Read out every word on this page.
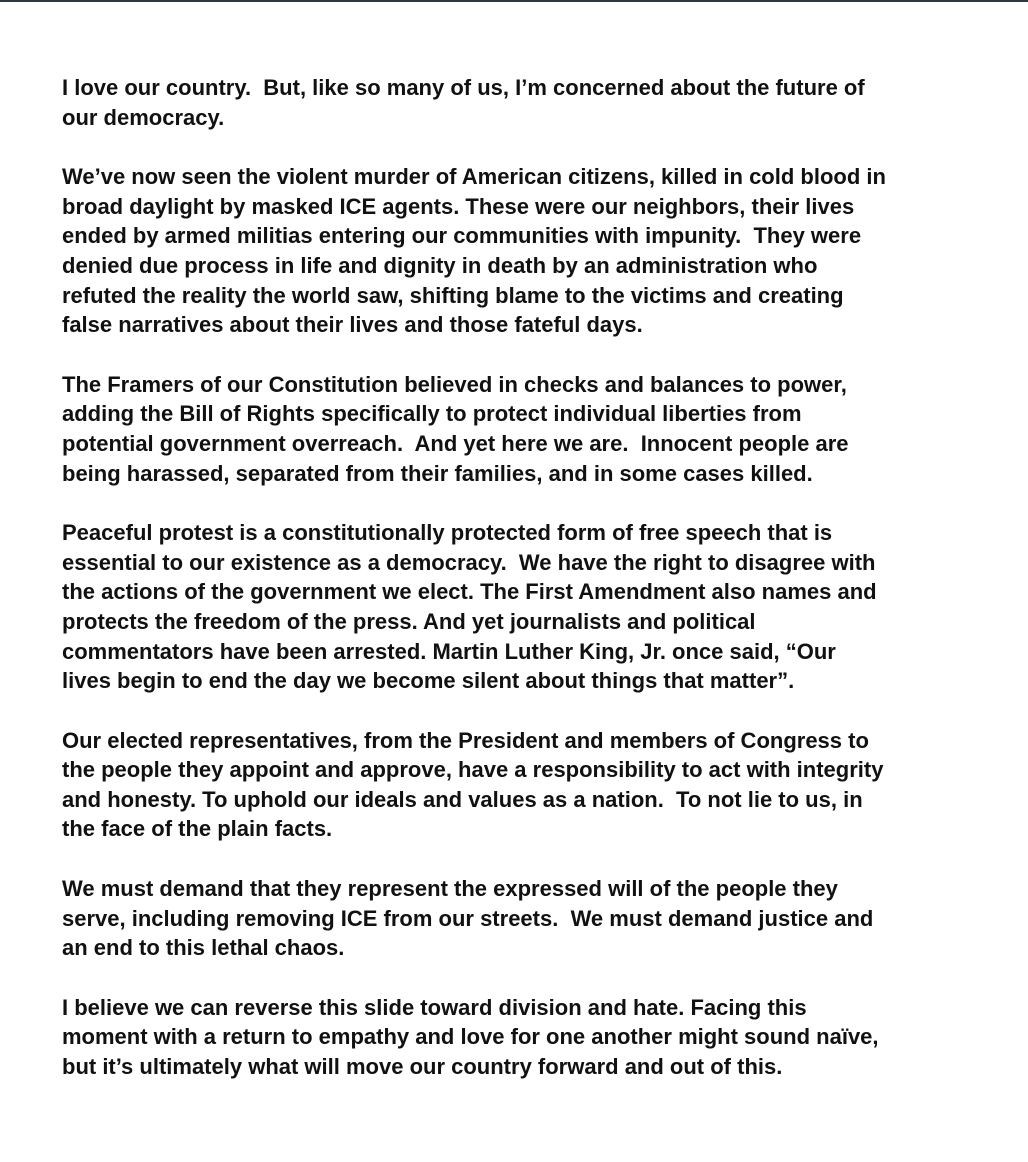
I love our country.  But, like so many of us, I’m concerned about the future of
our democracy.

We’ve now seen the violent murder of American citizens, killed in cold blood in
broad daylight by masked ICE agents. These were our neighbors, their lives
ended by armed militias entering our communities with impunity.  They were
denied due process in life and dignity in death by an administration who
refuted the reality the world saw, shifting blame to the victims and creating
false narratives about their lives and those fateful days.

The Framers of our Constitution believed in checks and balances to power,
adding the Bill of Rights specifically to protect individual liberties from
potential government overreach.  And yet here we are.  Innocent people are
being harassed, separated from their families, and in some cases killed.

Peaceful protest is a constitutionally protected form of free speech that is
essential to our existence as a democracy.  We have the right to disagree with
the actions of the government we elect. The First Amendment also names and
protects the freedom of the press. And yet journalists and political
commentators have been arrested. Martin Luther King, Jr. once said, “Our
lives begin to end the day we become silent about things that matter”.

Our elected representatives, from the President and members of Congress to
the people they appoint and approve, have a responsibility to act with integrity
and honesty. To uphold our ideals and values as a nation.  To not lie to us, in
the face of the plain facts.

We must demand that they represent the expressed will of the people they
serve, including removing ICE from our streets.  We must demand justice and
an end to this lethal chaos.

I believe we can reverse this slide toward division and hate. Facing this
moment with a return to empathy and love for one another might sound naïve,
but it’s ultimately what will move our country forward and out of this.
